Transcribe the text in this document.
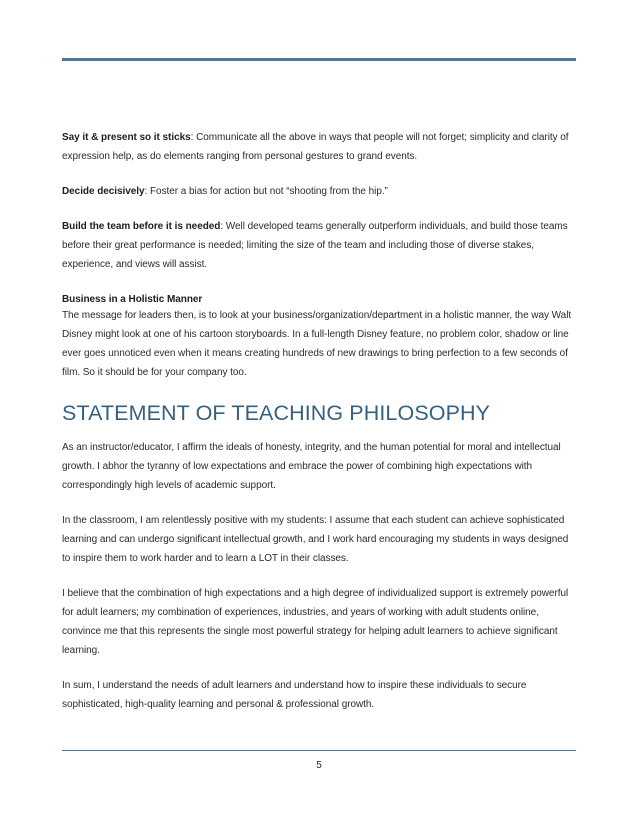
Say it & present so it sticks: Communicate all the above in ways that people will not forget; simplicity and clarity of expression help, as do elements ranging from personal gestures to grand events.

Decide decisively: Foster a bias for action but not “shooting from the hip.”

Build the team before it is needed: Well developed teams generally outperform individuals, and build those teams before their great performance is needed; limiting the size of the team and including those of diverse stakes, experience, and views will assist.

Business in a Holistic Manner
The message for leaders then, is to look at your business/organization/department in a holistic manner, the way Walt Disney might look at one of his cartoon storyboards. In a full-length Disney feature, no problem color, shadow or line ever goes unnoticed even when it means creating hundreds of new drawings to bring perfection to a few seconds of film. So it should be for your company too.
STATEMENT OF TEACHING PHILOSOPHY

As an instructor/educator, I affirm the ideals of honesty, integrity, and the human potential for moral and intellectual growth. I abhor the tyranny of low expectations and embrace the power of combining high expectations with correspondingly high levels of academic support.

In the classroom, I am relentlessly positive with my students: I assume that each student can achieve sophisticated learning and can undergo significant intellectual growth, and I work hard encouraging my students in ways designed to inspire them to work harder and to learn a LOT in their classes.

I believe that the combination of high expectations and a high degree of individualized support is extremely powerful for adult learners; my combination of experiences, industries, and years of working with adult students online, convince me that this represents the single most powerful strategy for helping adult learners to achieve significant learning.

In sum, I understand the needs of adult learners and understand how to inspire these individuals to secure sophisticated, high-quality learning and personal & professional growth.

5
